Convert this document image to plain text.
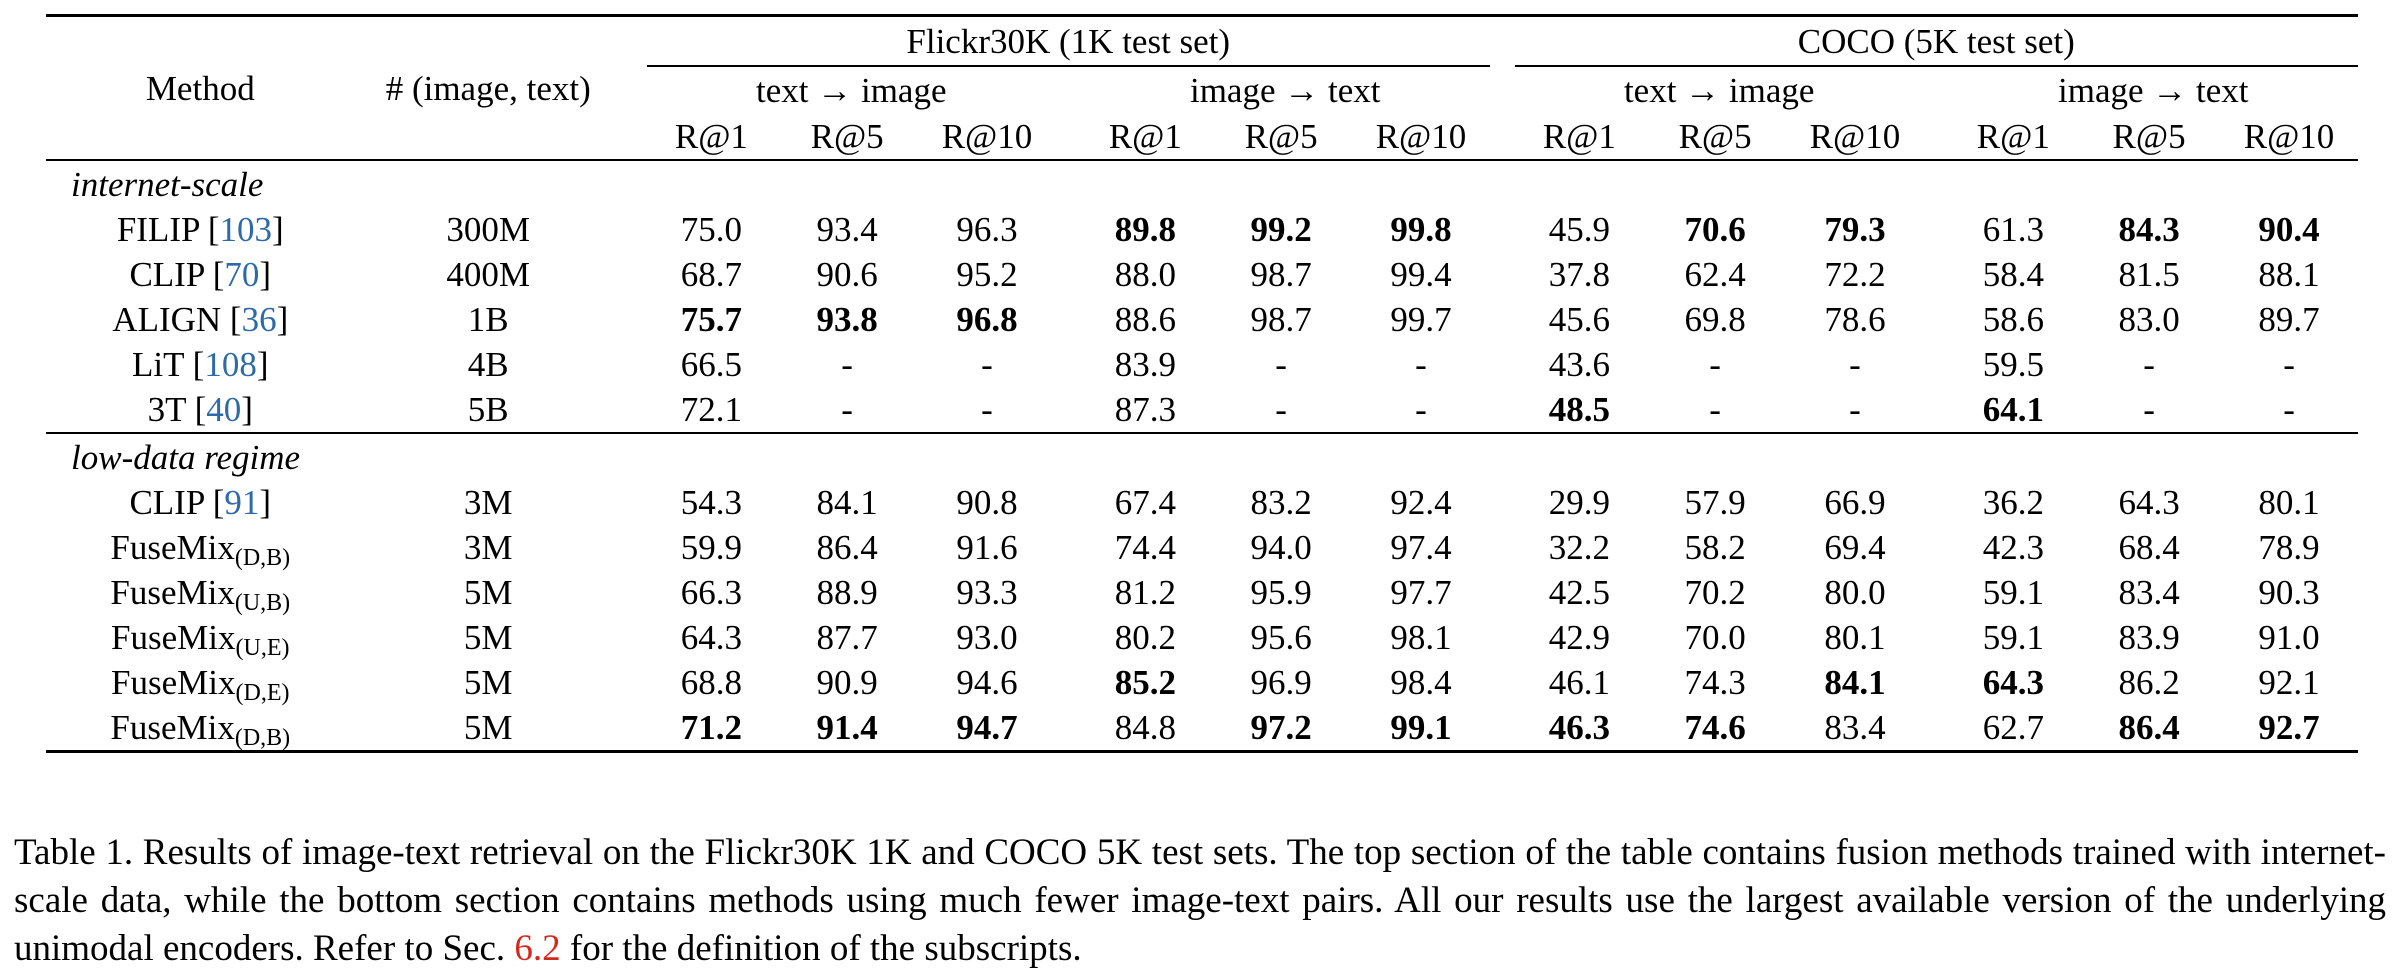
Method	# (image, text)		Flickr30K (1K test set)								COCO (5K test set)						
			text → image				image → text				text → image				image → text		
			R@1	R@5	R@10		R@1	R@5	R@10		R@1	R@5	R@10		R@1	R@5	R@10
internet-scale																	
FILIP [103]	300M		75.0	93.4	96.3		89.8	99.2	99.8		45.9	70.6	79.3		61.3	84.3	90.4
CLIP [70]	400M		68.7	90.6	95.2		88.0	98.7	99.4		37.8	62.4	72.2		58.4	81.5	88.1
ALIGN [36]	1B		75.7	93.8	96.8		88.6	98.7	99.7		45.6	69.8	78.6		58.6	83.0	89.7
LiT [108]	4B		66.5	-	-		83.9	-	-		43.6	-	-		59.5	-	-
3T [40]	5B		72.1	-	-		87.3	-	-		48.5	-	-		64.1	-	-
low-data regime																	
CLIP [91]	3M		54.3	84.1	90.8		67.4	83.2	92.4		29.9	57.9	66.9		36.2	64.3	80.1
FuseMix$_{(D,B)}$	3M		59.9	86.4	91.6		74.4	94.0	97.4		32.2	58.2	69.4		42.3	68.4	78.9
FuseMix$_{(U,B)}$	5M		66.3	88.9	93.3		81.2	95.9	97.7		42.5	70.2	80.0		59.1	83.4	90.3
FuseMix$_{(U,E)}$	5M		64.3	87.7	93.0		80.2	95.6	98.1		42.9	70.0	80.1		59.1	83.9	91.0
FuseMix$_{(D,E)}$	5M		68.8	90.9	94.6		85.2	96.9	98.4		46.1	74.3	84.1		64.3	86.2	92.1
FuseMix$_{(D,B)}$	5M		71.2	91.4	94.7		84.8	97.2	99.1		46.3	74.6	83.4		62.7	86.4	92.7

Table 1. Results of image-text retrieval on the Flickr30K 1K and COCO 5K test sets. The top section of the table contains fusion methods trained with internet-scale data, while the bottom section contains methods using much fewer image-text pairs. All our results use the largest available version of the underlying unimodal encoders. Refer to Sec. 6.2 for the definition of the subscripts.
